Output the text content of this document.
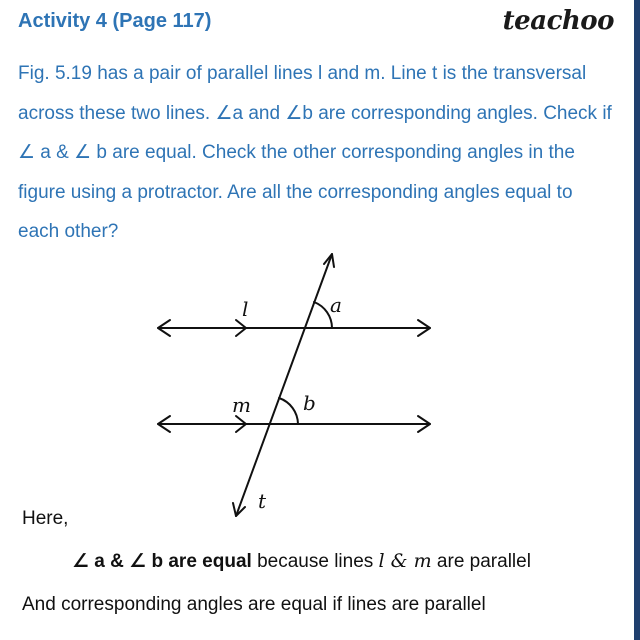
Activity 4 (Page 117)	teachoo
Fig. 5.19 has a pair of parallel lines l and m. Line t is the transversal
across these two lines. ∠a and ∠b are corresponding angles. Check if
∠ a & ∠ b are equal. Check the other corresponding angles in the
figure using a protractor. Are all the corresponding angles equal to
each other?
l	a
m	b
t
Here,
∠ a & ∠ b are equal because lines l & m are parallel
And corresponding angles are equal if lines are parallel
